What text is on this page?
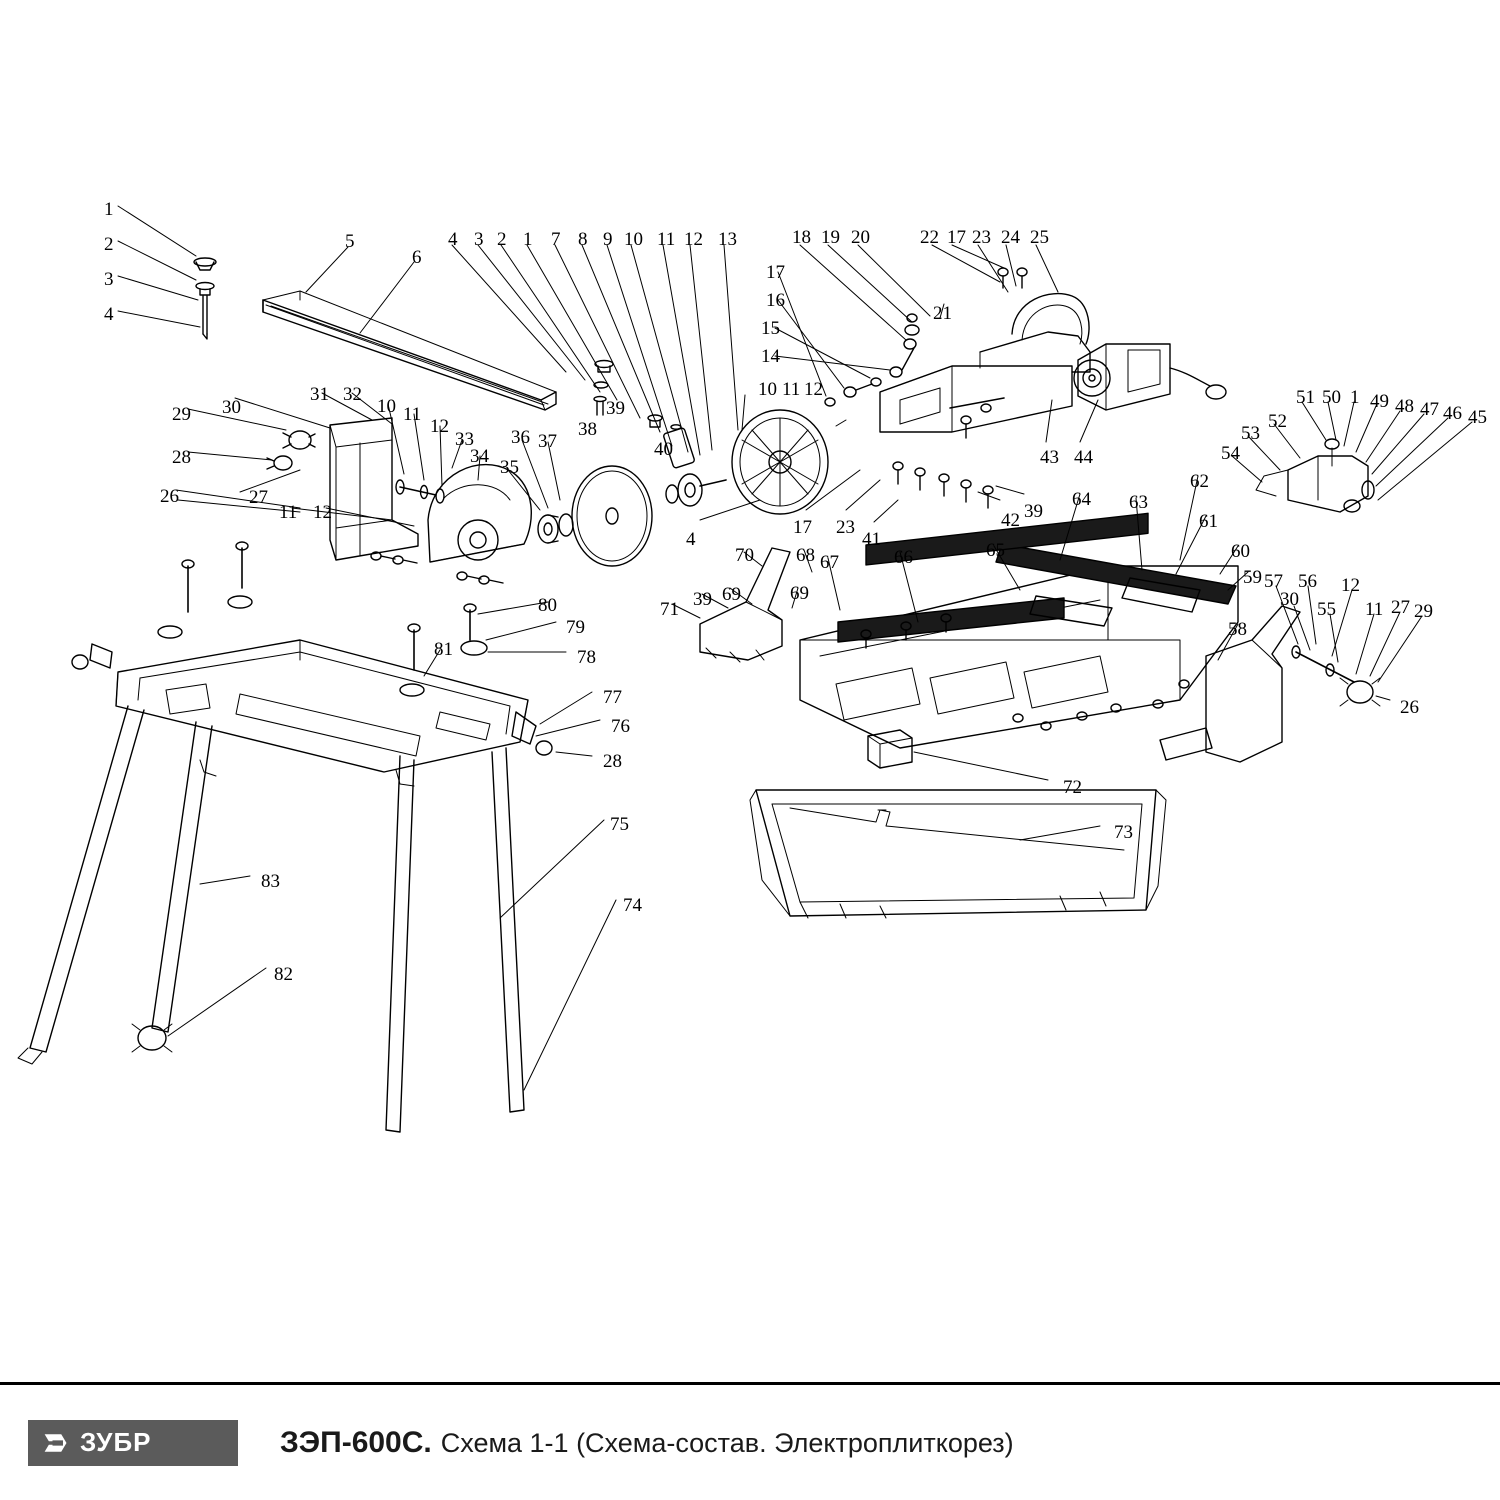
1
2
3
4
5
6
4 3 2 1 7 8 9 10 11 12 13	18 19 20	22 17 23 24 25
17
16
15
14
21
10 11 12
29 30
31 32
10 11
12
33
34
35
36 37
38
39
40
28
27
26
11 12
4
17 23
41
42 39
43 44
51 50 1 49 48 47 46 45
53
52
54
62
64 63
61
60
59
65
66
67
68
70
69
69
39
71
58
57 56 12
30 55 11 27 29
26
80
79
78
81
77
76
28
72
73
83
82
75
74
ЗУБР	ЗЭП-600С. Схема 1-1 (Схема-состав. Электроплиткорез)
